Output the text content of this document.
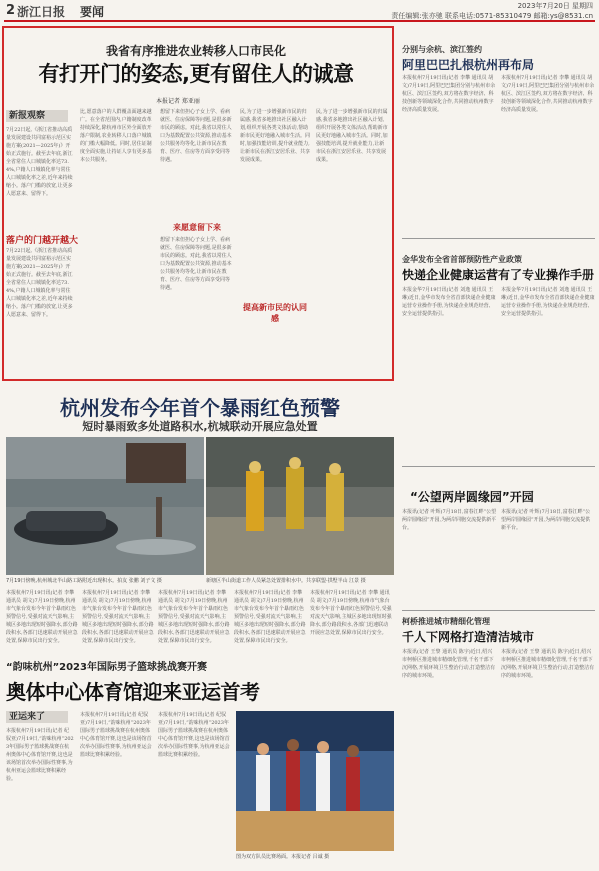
2 浙江日报 要闻	2023年7月20日 星期四
责任编辑:张亦驰 联系电话:0571-85310479 邮箱:ys@8531.cn
我省有序推进农业转移人口市民化
有打开门的姿态,更有留住人的诚意
本报记者 郑亚丽
新报观察
7月22日起,《浙江省推动高质量发展建设共同富裕示范区实施方案(2021—2025年)》开始正式施行。截至去年底,浙江全省常住人口城镇化率达73.4%,户籍人口城镇化率与常住人口城镇化率之差,近年来持续缩小。落户门槛的放宽,让更多人愿意来、留得下。
落户的门越开越大
7月22日起,《浙江省推动高质量发展建设共同富裕示范区实施方案(2021—2025年)》开始正式施行。截至去年底,浙江全省常住人口城镇化率达73.4%,户籍人口城镇化率与常住人口城镇化率之差,近年来持续缩小。落户门槛的放宽,让更多人愿意来、留得下。
比,愿意落户的人群覆盖面越来越广。在全省范围内,户籍制度改革持续深化,除杭州市区外全面放开落户限制,农业转移人口落户城镇的门槛大幅降低。同时,居住证制度全面实施,让持证人享有更多基本公共服务。
来愿意留下来
想留下来但担心子女上学、看病就医、住房保障等问题,是很多新市民的顾虑。对此,我省以常住人口为基数配置公共资源,推动基本公共服务均等化,让新市民在教育、医疗、住房等方面享受同等待遇。
想留下来但担心子女上学、看病就医、住房保障等问题,是很多新市民的顾虑。对此,我省以常住人口为基数配置公共资源,推动基本公共服务均等化,让新市民在教育、医疗、住房等方面享受同等待遇。
民,为了进一步增强新市民的归属感,我省多地推出社区融入计划,组织开展各类文体活动,帮助新市民更好地融入城市生活。同时,加强技能培训,提升就业能力,让新市民在浙江安居乐业、共享发展成果。
提高新市民的认同感
民,为了进一步增强新市民的归属感,我省多地推出社区融入计划,组织开展各类文体活动,帮助新市民更好地融入城市生活。同时,加强技能培训,提升就业能力,让新市民在浙江安居乐业、共享发展成果。
杭州发布今年首个暴雨红色预警
短时暴雨致多处道路积水,杭城联动开展应急处置
7月19日傍晚,杭州城北半山路工路附近出现积水。拍友 张鹏 刘子文 摄	新塘区半山街道工作人员紧急处置排积水中。共享联盟·拱墅半山 江景 摄
本报杭州7月19日讯(记者 李攀 通讯员 胡文)7月19日傍晚,杭州市气象台发布今年首个暴雨红色预警信号,受强对流天气影响,主城区多地出现短时强降水,部分路段积水,各部门迅速联动开展应急处置,保障市民出行安全。
本报杭州7月19日讯(记者 李攀 通讯员 胡文)7月19日傍晚,杭州市气象台发布今年首个暴雨红色预警信号,受强对流天气影响,主城区多地出现短时强降水,部分路段积水,各部门迅速联动开展应急处置,保障市民出行安全。
本报杭州7月19日讯(记者 李攀 通讯员 胡文)7月19日傍晚,杭州市气象台发布今年首个暴雨红色预警信号,受强对流天气影响,主城区多地出现短时强降水,部分路段积水,各部门迅速联动开展应急处置,保障市民出行安全。
本报杭州7月19日讯(记者 李攀 通讯员 胡文)7月19日傍晚,杭州市气象台发布今年首个暴雨红色预警信号,受强对流天气影响,主城区多地出现短时强降水,部分路段积水,各部门迅速联动开展应急处置,保障市民出行安全。
本报杭州7月19日讯(记者 李攀 通讯员 胡文)7月19日傍晚,杭州市气象台发布今年首个暴雨红色预警信号,受强对流天气影响,主城区多地出现短时强降水,部分路段积水,各部门迅速联动开展应急处置,保障市民出行安全。
“韵味杭州”2023年国际男子篮球挑战赛开赛
奥体中心体育馆迎来亚运首考
亚运来了
本报杭州7月19日讯(记者 纪驭亚)7月19日,“韵味杭州”2023年国际男子篮球挑战赛在杭州奥体中心体育馆开赛,这也是该场馆首次举办国际性赛事,为杭州亚运会篮球比赛积累经验。
本报杭州7月19日讯(记者 纪驭亚)7月19日,“韵味杭州”2023年国际男子篮球挑战赛在杭州奥体中心体育馆开赛,这也是该场馆首次举办国际性赛事,为杭州亚运会篮球比赛积累经验。
本报杭州7月19日讯(记者 纪驭亚)7月19日,“韵味杭州”2023年国际男子篮球挑战赛在杭州奥体中心体育馆开赛,这也是该场馆首次举办国际性赛事,为杭州亚运会篮球比赛积累经验。
图为双方队员比赛场面。本报记者 吕诚 摄
分别与余杭、滨江签约
阿里巴巴扎根杭州再布局
本报杭州7月19日讯(记者 李攀 通讯员 胡文)7月19日,阿里巴巴集团分别与杭州市余杭区、滨江区签约,双方将在数字经济、科技创新等领域深化合作,共同推动杭州数字经济高质量发展。
本报杭州7月19日讯(记者 李攀 通讯员 胡文)7月19日,阿里巴巴集团分别与杭州市余杭区、滨江区签约,双方将在数字经济、科技创新等领域深化合作,共同推动杭州数字经济高质量发展。
金华发布全省首部预防性产业政策
快递企业健康运营有了专业操作手册
本报金华7月19日讯(记者 刘逸 通讯员 王琳)近日,金华市发布全省首部快递企业健康运营专业操作手册,为快递企业规范经营、安全运营提供指引。
本报金华7月19日讯(记者 刘逸 通讯员 王琳)近日,金华市发布全省首部快递企业健康运营专业操作手册,为快递企业规范经营、安全运营提供指引。
“公望两岸圆缘园”开园
本报讯(记者 叶辉)7月18日,富春江畔“公望两岸圆缘园”开园,为两岸同胞交流提供新平台。
本报讯(记者 叶辉)7月18日,富春江畔“公望两岸圆缘园”开园,为两岸同胞交流提供新平台。
柯桥推进城市精细化管理
千人下网格打造清洁城市
本报讯(记者 王黎 通讯员 陈宇)近日,绍兴市柯桥区推进城市精细化管理,千名干部下沉网格,开展环境卫生整治行动,打造整洁有序的城市环境。
本报讯(记者 王黎 通讯员 陈宇)近日,绍兴市柯桥区推进城市精细化管理,千名干部下沉网格,开展环境卫生整治行动,打造整洁有序的城市环境。
